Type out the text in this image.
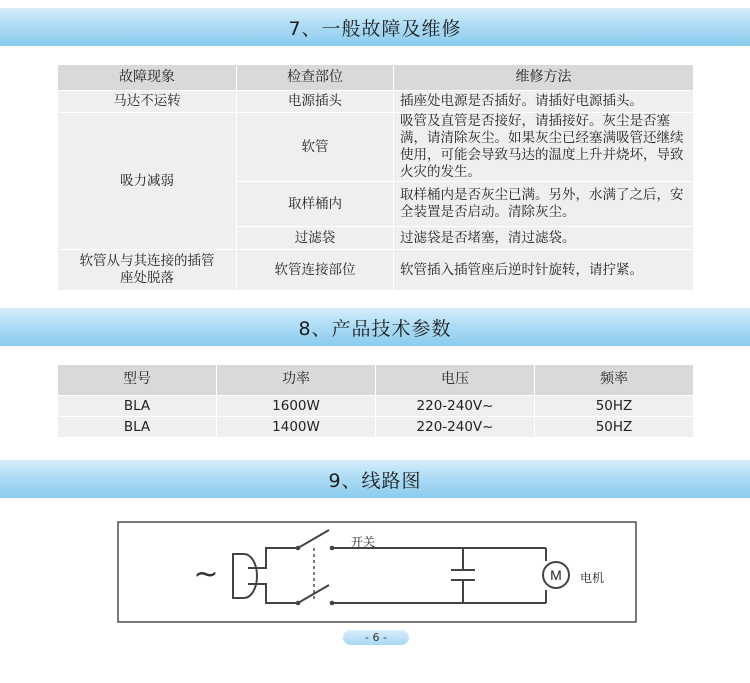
7、一般故障及维修
故障现象	检查部位	维修方法
马达不运转	电源插头	插座处电源是否插好。请插好电源插头。
吸力减弱	软管	吸管及直管是否接好，请插接好。灰尘是否塞满，请清除灰尘。如果灰尘已经塞满吸管还继续使用，可能会导致马达的温度上升并烧坏，导致火灾的发生。
	取样桶内	取样桶内是否灰尘已满。另外，水满了之后，安全装置是否启动。清除灰尘。
	过滤袋	过滤袋是否堵塞，清过滤袋。
软管从与其连接的插管座处脱落	软管连接部位	软管插入插管座后逆时针旋转，请拧紧。
8、产品技术参数
型号	功率	电压	频率
BLA	1600W	220-240V~	50HZ
BLA	1400W	220-240V~	50HZ
9、线路图
M
~
开关
电机
- 6 -
